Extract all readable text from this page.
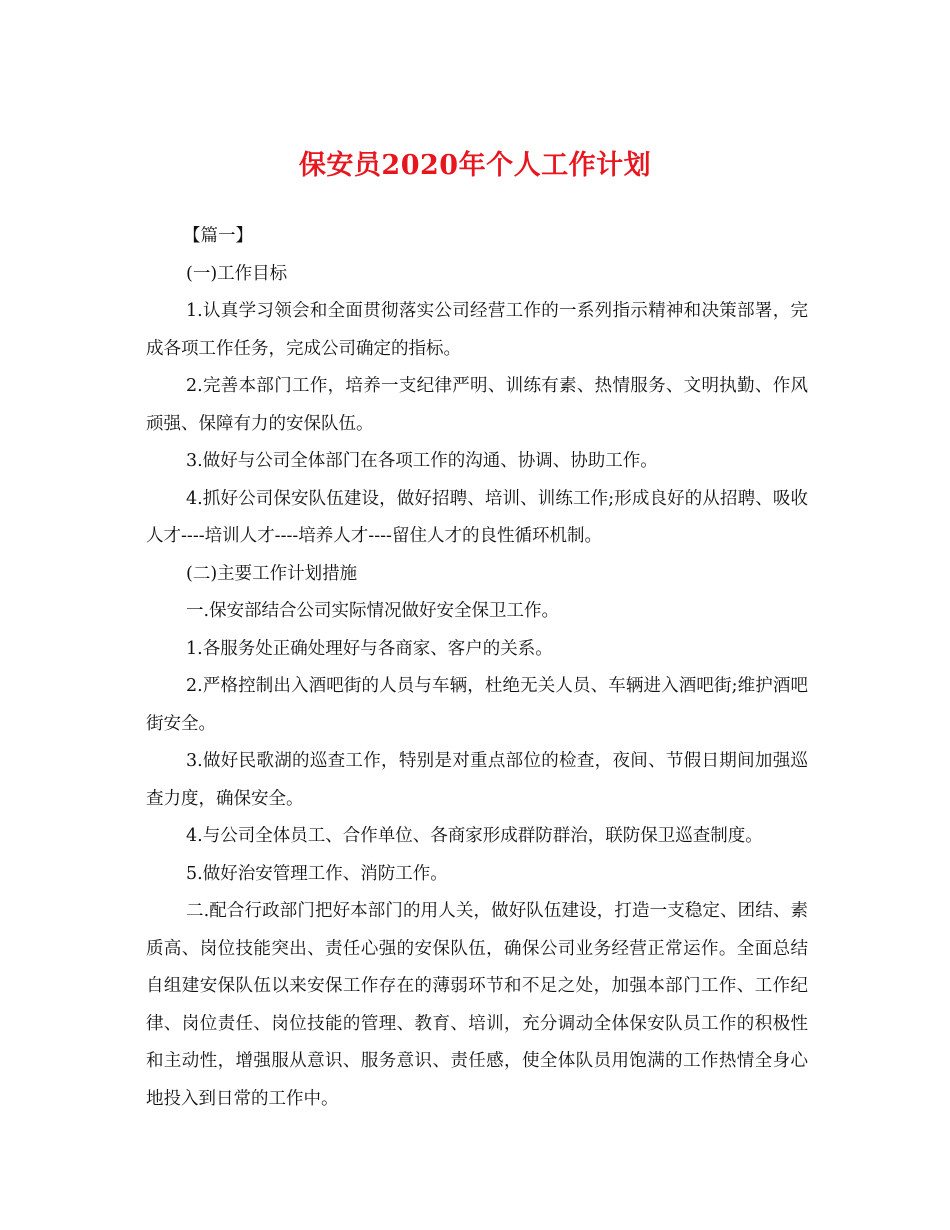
保安员2020年个人工作计划

【篇一】

(一)工作目标

1.认真学习领会和全面贯彻落实公司经营工作的一系列指示精神和决策部署，完成各项工作任务，完成公司确定的指标。

2.完善本部门工作，培养一支纪律严明、训练有素、热情服务、文明执勤、作风顽强、保障有力的安保队伍。

3.做好与公司全体部门在各项工作的沟通、协调、协助工作。

4.抓好公司保安队伍建设，做好招聘、培训、训练工作;形成良好的从招聘、吸收人才----培训人才----培养人才----留住人才的良性循环机制。

(二)主要工作计划措施

一.保安部结合公司实际情况做好安全保卫工作。

1.各服务处正确处理好与各商家、客户的关系。

2.严格控制出入酒吧街的人员与车辆，杜绝无关人员、车辆进入酒吧街;维护酒吧街安全。

3.做好民歌湖的巡查工作，特别是对重点部位的检查，夜间、节假日期间加强巡查力度，确保安全。

4.与公司全体员工、合作单位、各商家形成群防群治，联防保卫巡查制度。

5.做好治安管理工作、消防工作。

二.配合行政部门把好本部门的用人关，做好队伍建设，打造一支稳定、团结、素质高、岗位技能突出、责任心强的安保队伍，确保公司业务经营正常运作。全面总结自组建安保队伍以来安保工作存在的薄弱环节和不足之处，加强本部门工作、工作纪律、岗位责任、岗位技能的管理、教育、培训，充分调动全体保安队员工作的积极性和主动性，增强服从意识、服务意识、责任感，使全体队员用饱满的工作热情全身心地投入到日常的工作中。
